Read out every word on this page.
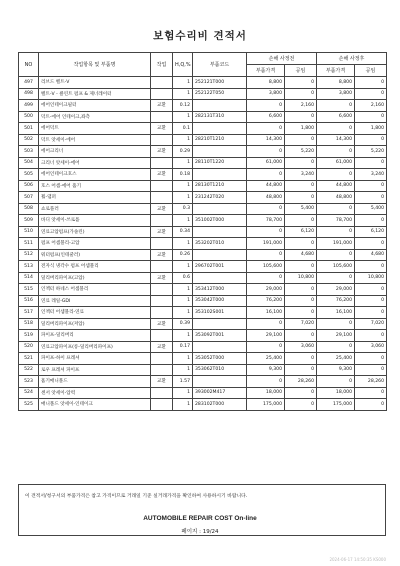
보험수리비 견적서
NO	작업항목 및 부품명	작업	H,Q,%	부품코드	손해 사정전		손해 사정후	
					부품가격	공임	부품가격	공임
497	리브드 벨트-V		1	252121T000	8,800	0	8,800	0
498	벨트-V - 클린트 펌프 & 제너레이터		1	252122T050	3,800	0	3,800	0
499	에어인테이크필터	교환	0.12		0	2,160	0	2,160
500	덕트-에어 인테이크,좌측		1	282131T310	6,600	0	6,600	0
501	에어덕트	교환	0.1		0	1,800	0	1,800
502	덕트 앗세이-에어		1	28210T1210	14,300	0	14,300	0
503	에어크리너	교환	0.29		0	5,220	0	5,220
504	크리너 앗세이-에어		1	28110T1220	61,000	0	61,000	0
505	에어인테이크호스	교환	0.18		0	3,240	0	3,240
506	호스 어셈-에어 흡기		1	28130T1210	44,800	0	44,800	0
507	휠-댐퍼		1	231242T020	48,800	0	48,800	0
508	쇼로플러	교환	0.3		0	5,400	0	5,400
509	바디 앗세이-쓰로틀		1	351002T000	78,700	0	78,700	0
510	연료고압펌프(가솔린)	교환	0.34		0	6,120	0	6,120
511	펌프 어셈블리-고압		1	353202T010	191,000	0	191,000	0
512	워터펌프(인테쿨러)	교환	0.26		0	4,680	0	4,680
513	전자식 냉각수 펌프 어셈블리		1	296702T001	105,600	0	105,600	0
514	딜리버리파이프(고압)	교환	0.6		0	10,800	0	10,800
515	인젝터 하네스 어셈블리		1	353412T000	29,000	0	29,000	0
516	연료 레일-GDI		1	353042T000	76,200	0	76,200	0
517	인젝터 어셈블리-연료		1	353102S001	16,100	0	16,100	0
518	딜리버리파이프(저압)	교환	0.39		0	7,020	0	7,020
519	파이프-딜리버리		1	353092T001	29,100	0	29,100	0
520	연료고압파이프(롱-딜리버리파이프)	교환	0.17		0	3,060	0	3,060
521	파이프-하이 프레셔		1	353052T000	25,400	0	25,400	0
522	로우 프레셔 파이프		1	353062T010	9,300	0	9,300	0
523	흡기매니폴드	교환	1.57		0	28,260	0	28,260
524	센서 앗세이-압력		1	393002M417	18,000	0	18,000	0
525	매니폴드 앗세이-인테이크		1	283102T000	175,000	0	175,000	0
이 견적서/청구서의 부품가격은 참고 가격이므로 거래일 기준 실거래가격을 확인하여 사용하시기 바랍니다.
AUTOMOBILE REPAIR COST On-line
페이지 : 19/24
2024-06-17 14:50:35 KS000
